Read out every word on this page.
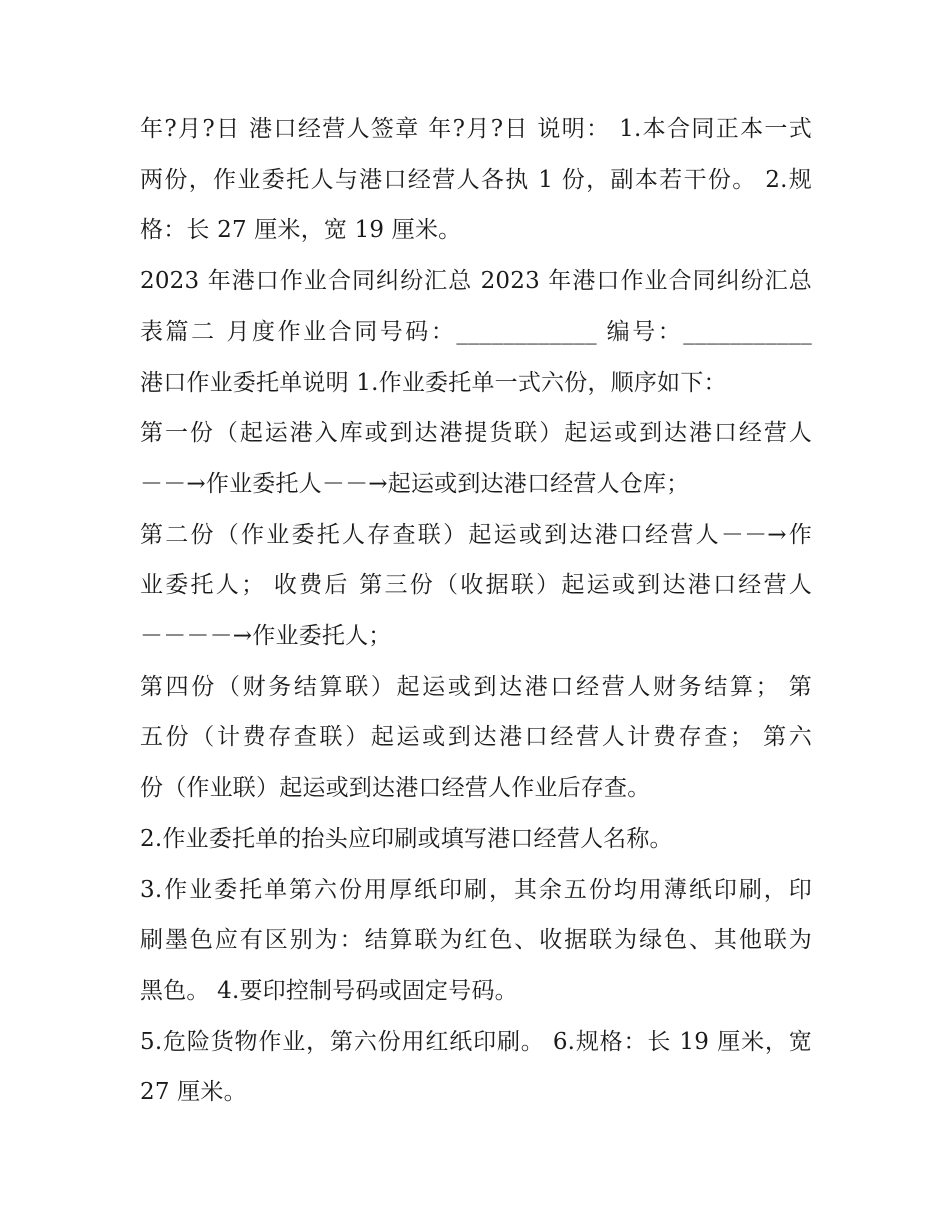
年?月?日 港口经营人签章 年?月?日 说明： 1.本合同正本一式
两份，作业委托人与港口经营人各执 1 份，副本若干份。 2.规
格：长 27 厘米，宽 19 厘米。

2023 年港口作业合同纠纷汇总 2023 年港口作业合同纠纷汇总
表篇二 月度作业合同号码：____________ 编号：___________
港口作业委托单说明 1.作业委托单一式六份，顺序如下：

第一份（起运港入库或到达港提货联）起运或到达港口经营人
－－→作业委托人－－→起运或到达港口经营人仓库；

第二份（作业委托人存查联）起运或到达港口经营人－－→作
业委托人； 收费后 第三份（收据联）起运或到达港口经营人
－－－－→作业委托人；

第四份（财务结算联）起运或到达港口经营人财务结算； 第
五份（计费存查联）起运或到达港口经营人计费存查； 第六
份（作业联）起运或到达港口经营人作业后存查。

2.作业委托单的抬头应印刷或填写港口经营人名称。

3.作业委托单第六份用厚纸印刷，其余五份均用薄纸印刷，印
刷墨色应有区别为：结算联为红色、收据联为绿色、其他联为
黑色。 4.要印控制号码或固定号码。

5.危险货物作业，第六份用红纸印刷。 6.规格：长 19 厘米，宽
27 厘米。
